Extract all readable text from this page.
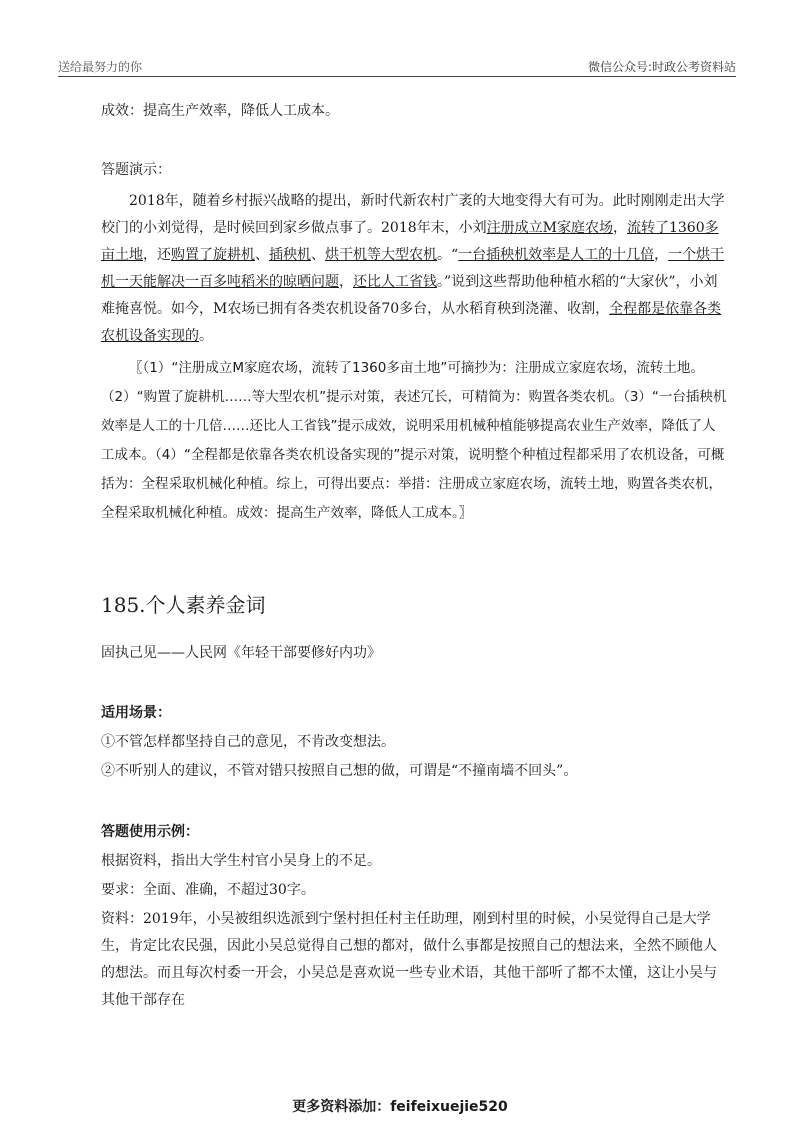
送给最努力的你	微信公众号:时政公考资料站

成效：提高生产效率，降低人工成本。

答题演示：

2018年，随着乡村振兴战略的提出，新时代新农村广袤的大地变得大有可为。此时刚刚走出大学校门的小刘觉得，是时候回到家乡做点事了。2018年末，小刘注册成立M家庭农场，流转了1360多亩土地，还购置了旋耕机、插秧机、烘干机等大型农机。“一台插秧机效率是人工的十几倍，一个烘干机一天能解决一百多吨稻米的晾晒问题，还比人工省钱。”说到这些帮助他种植水稻的“大家伙”，小刘难掩喜悦。如今，M农场已拥有各类农机设备70多台，从水稻育秧到浇灌、收割，全程都是依靠各类农机设备实现的。

〖（1）“注册成立M家庭农场，流转了1360多亩土地”可摘抄为：注册成立家庭农场，流转土地。（2）“购置了旋耕机……等大型农机”提示对策，表述冗长，可精简为：购置各类农机。（3）“一台插秧机效率是人工的十几倍……还比人工省钱”提示成效，说明采用机械种植能够提高农业生产效率，降低了人工成本。（4）“全程都是依靠各类农机设备实现的”提示对策，说明整个种植过程都采用了农机设备，可概括为：全程采取机械化种植。综上，可得出要点：举措：注册成立家庭农场，流转土地，购置各类农机，全程采取机械化种植。成效：提高生产效率，降低人工成本。〗

185.个人素养金词

固执己见——人民网《年轻干部要修好内功》

适用场景：

①不管怎样都坚持自己的意见，不肯改变想法。

②不听别人的建议，不管对错只按照自己想的做，可谓是“不撞南墙不回头”。

答题使用示例：

根据资料，指出大学生村官小吴身上的不足。

要求：全面、准确，不超过30字。

资料：2019年，小吴被组织选派到宁堡村担任村主任助理，刚到村里的时候，小吴觉得自己是大学生，肯定比农民强，因此小吴总觉得自己想的都对，做什么事都是按照自己的想法来，全然不顾他人的想法。而且每次村委一开会，小吴总是喜欢说一些专业术语，其他干部听了都不太懂，这让小吴与其他干部存在

更多资料添加：feifeixuejie520
